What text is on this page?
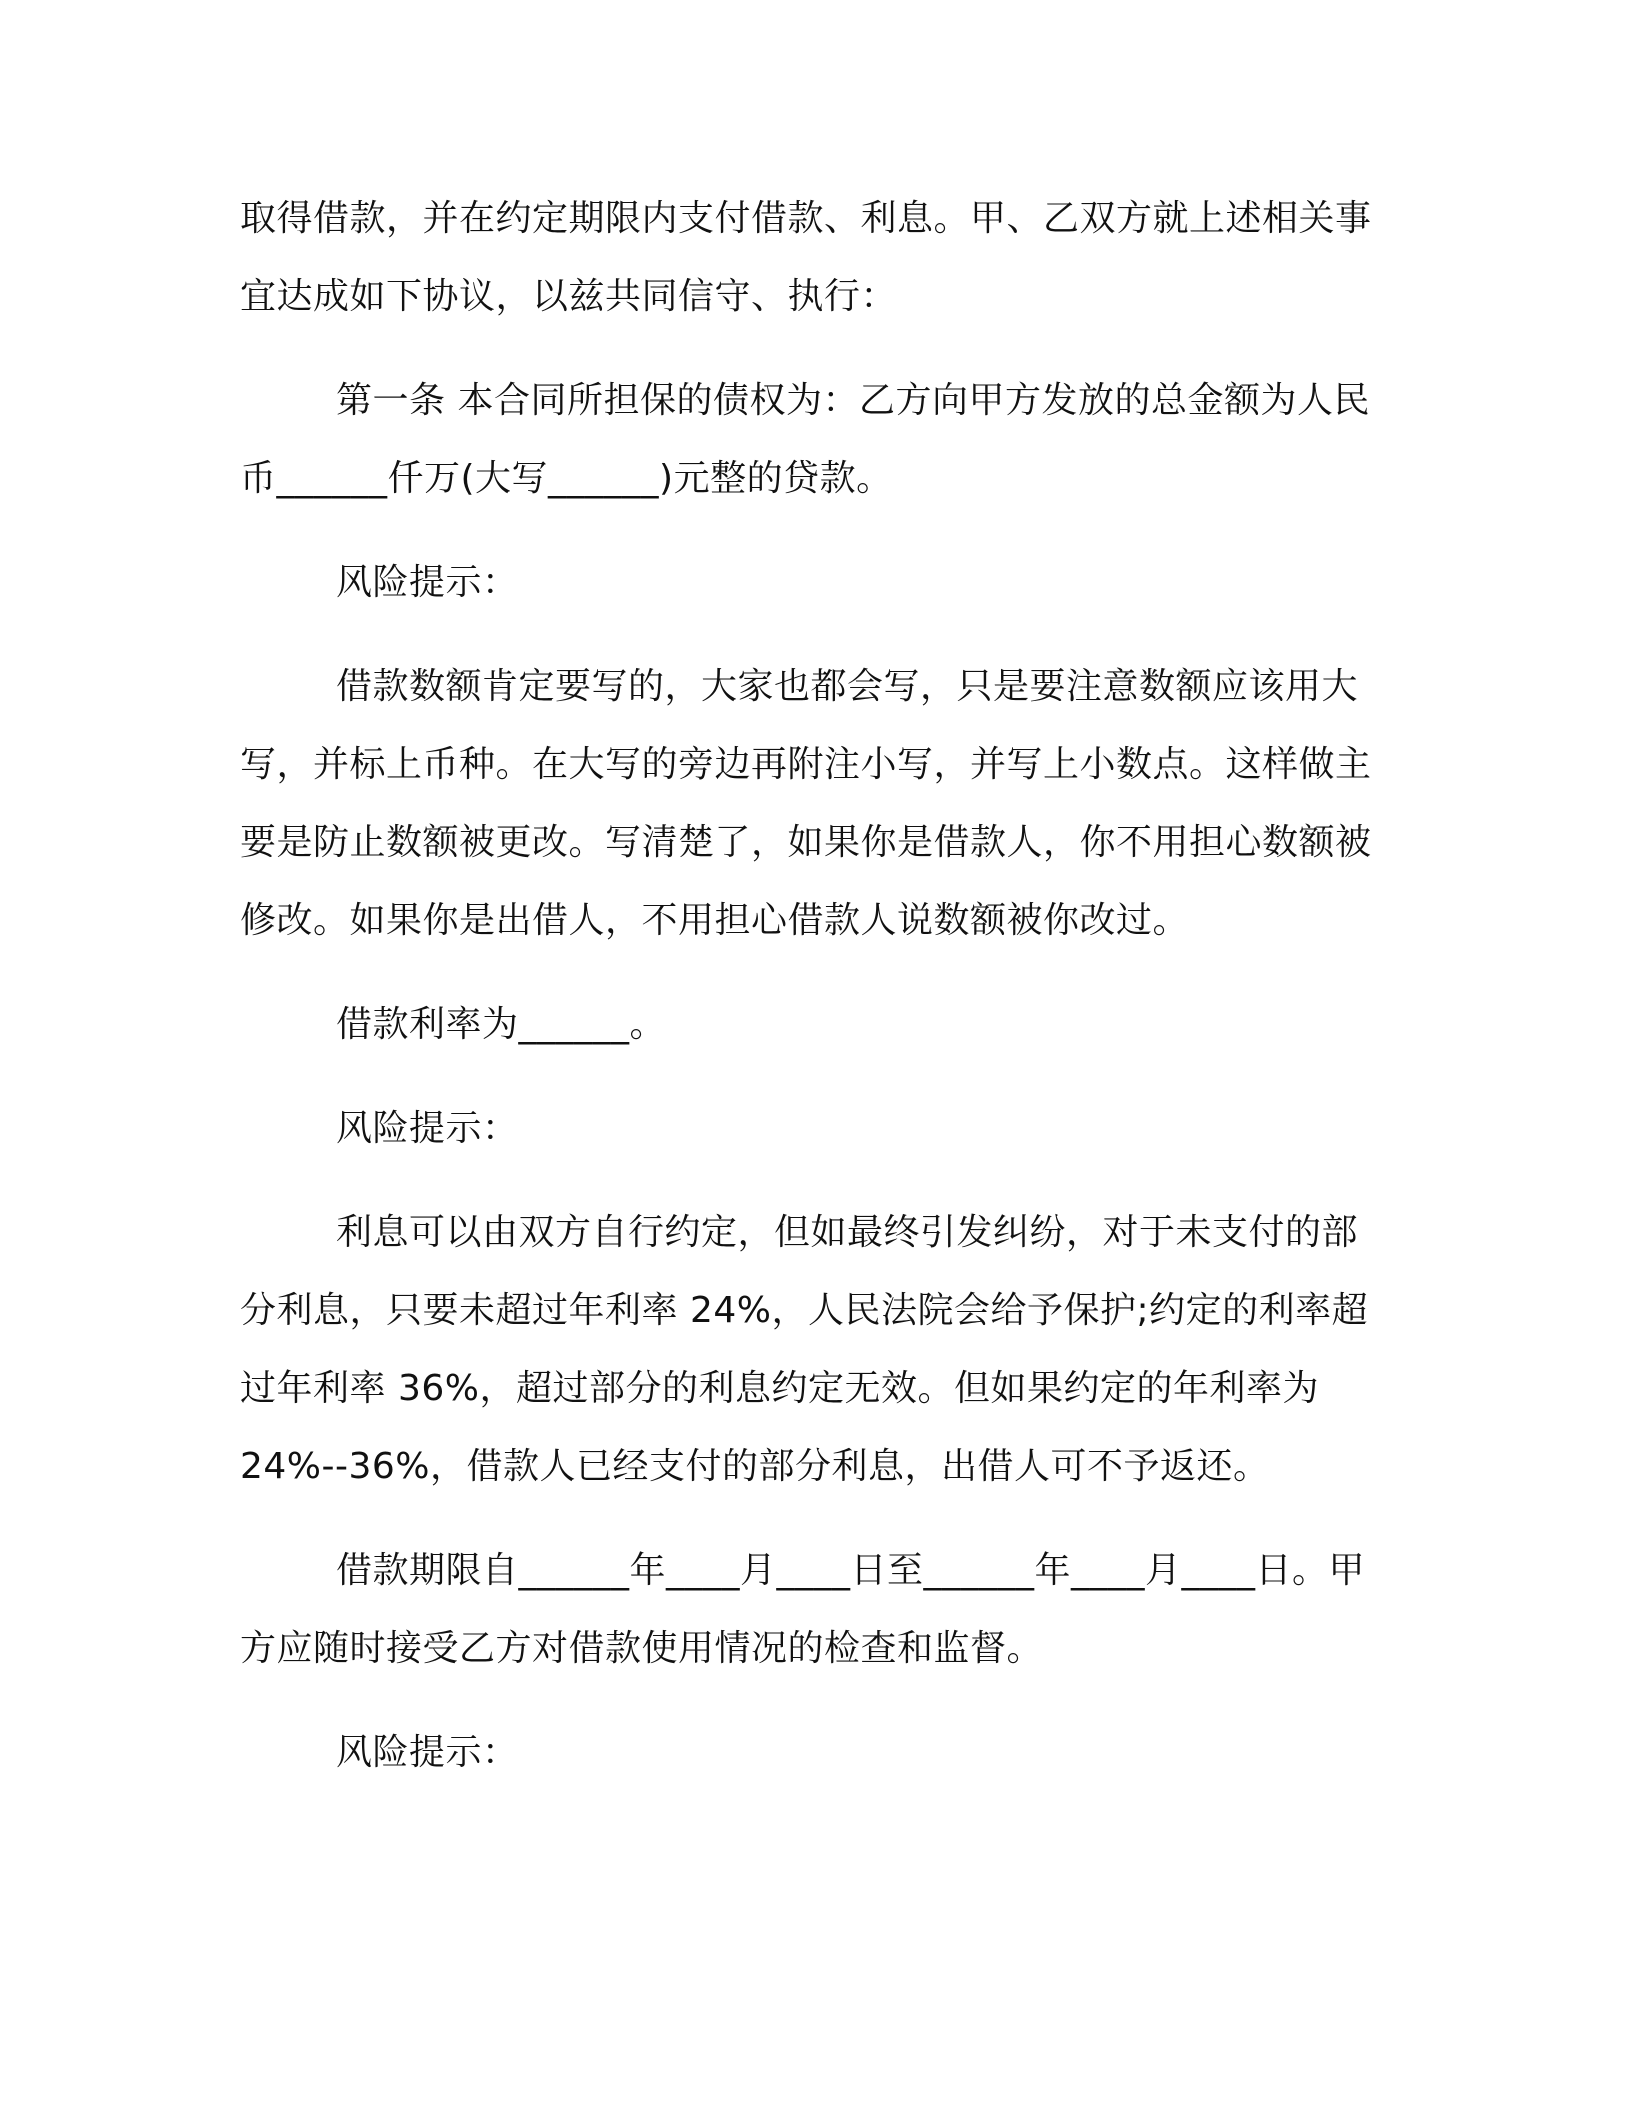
取得借款，并在约定期限内支付借款、利息。甲、乙双方就上述相关事宜达成如下协议，以兹共同信守、执行：

第一条 本合同所担保的债权为：乙方向甲方发放的总金额为人民币______仟万(大写______)元整的贷款。

风险提示：

借款数额肯定要写的，大家也都会写，只是要注意数额应该用大写，并标上币种。在大写的旁边再附注小写，并写上小数点。这样做主要是防止数额被更改。写清楚了，如果你是借款人，你不用担心数额被修改。如果你是出借人，不用担心借款人说数额被你改过。

借款利率为______。

风险提示：

利息可以由双方自行约定，但如最终引发纠纷，对于未支付的部分利息，只要未超过年利率 24%，人民法院会给予保护;约定的利率超过年利率 36%，超过部分的利息约定无效。但如果约定的年利率为 24%--36%，借款人已经支付的部分利息，出借人可不予返还。

借款期限自______年____月____日至______年____月____日。甲方应随时接受乙方对借款使用情况的检查和监督。

风险提示：
